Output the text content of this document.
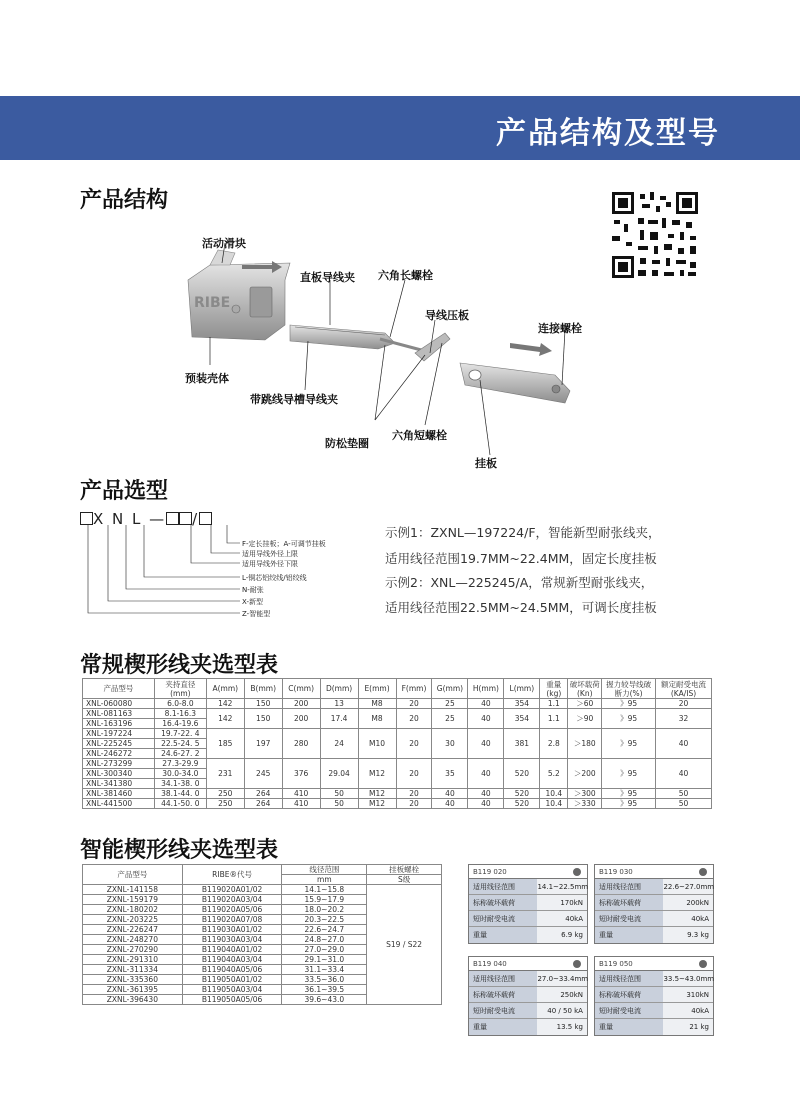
产品结构及型号
产品结构
RIBE
活动滑块
直板导线夹 六角长螺栓
导线压板
连接螺栓
预装壳体
带跳线导槽导线夹
六角短螺栓
防松垫圈
挂板
产品选型
X N L — /
F-定长挂板；A-可调节挂板
适用导线外径上限
适用导线外径下限
L-铜芯铝绞线/铝绞线
N-耐张
X-新型
Z-智能型
示例1：ZXNL—197224/F，智能新型耐张线夹，
适用线径范围19.7MM~22.4MM，固定长度挂板
示例2：XNL—225245/A，常规新型耐张线夹，
适用线径范围22.5MM~24.5MM，可调长度挂板
常规楔形线夹选型表
产品型号	夹持直径(mm)	A(mm)	B(mm)	C(mm)	D(mm)	E(mm)	F(mm)	G(mm)	H(mm)	L(mm)	重量(kg)	破坏载荷(Kn)	握力较导线破断力(%)	额定耐受电流(KA/IS)
XNL-060080	6.0-8.0	142	150	200	13	M8	20	25	40	354	1.1	＞60	》95	20
XNL-081163	8.1-16.3	142	150	200	17.4	M8	20	25	40	354	1.1	＞90	》95	32
XNL-163196	16.4-19.6													
XNL-197224	19.7-22. 4	185	197	280	24	M10	20	30	40	381	2.8	＞180	》95	40
XNL-225245	22.5-24. 5													
XNL-246272	24.6-27. 2													
XNL-273299	27.3-29.9	231	245	376	29.04	M12	20	35	40	520	5.2	＞200	》95	40
XNL-300340	30.0-34.0													
XNL-341380	34.1-38. 0													
XNL-381460	38.1-44. 0	250	264	410	50	M12	20	40	40	520	10.4	＞300	》95	50
XNL-441500	44.1-50. 0	250	264	410	50	M12	20	40	40	520	10.4	＞330	》95	50
智能楔形线夹选型表
产品型号	RIBE®代号	线径范围	挂板螺栓
		mm	S级
ZXNL-141158	B119020A01/02	14.1~15.8	S19 / S22
ZXNL-159179	B119020A03/04	15.9~17.9	
ZXNL-180202	B119020A05/06	18.0~20.2	
ZXNL-203225	B119020A07/08	20.3~22.5	
ZXNL-226247	B119030A01/02	22.6~24.7	
ZXNL-248270	B119030A03/04	24.8~27.0	
ZXNL-270290	B119040A01/02	27.0~29.0	
ZXNL-291310	B119040A03/04	29.1~31.0	
ZXNL-311334	B119040A05/06	31.1~33.4	
ZXNL-335360	B119050A01/02	33.5~36.0	
ZXNL-361395	B119050A03/04	36.1~39.5	
ZXNL-396430	B119050A05/06	39.6~43.0	
B119 020
适用线径范围	14.1~22.5mm
标称破坏载荷	170kN
短时耐受电流	40kA
重量	6.9 kg
B119 030
适用线径范围	22.6~27.0mm
标称破坏载荷	200kN
短时耐受电流	40kA
重量	9.3 kg
B119 040
适用线径范围	27.0~33.4mm
标称破坏载荷	250kN
短时耐受电流	40 / 50 kA
重量	13.5 kg
B119 050
适用线径范围	33.5~43.0mm
标称破坏载荷	310kN
短时耐受电流	40kA
重量	21 kg
